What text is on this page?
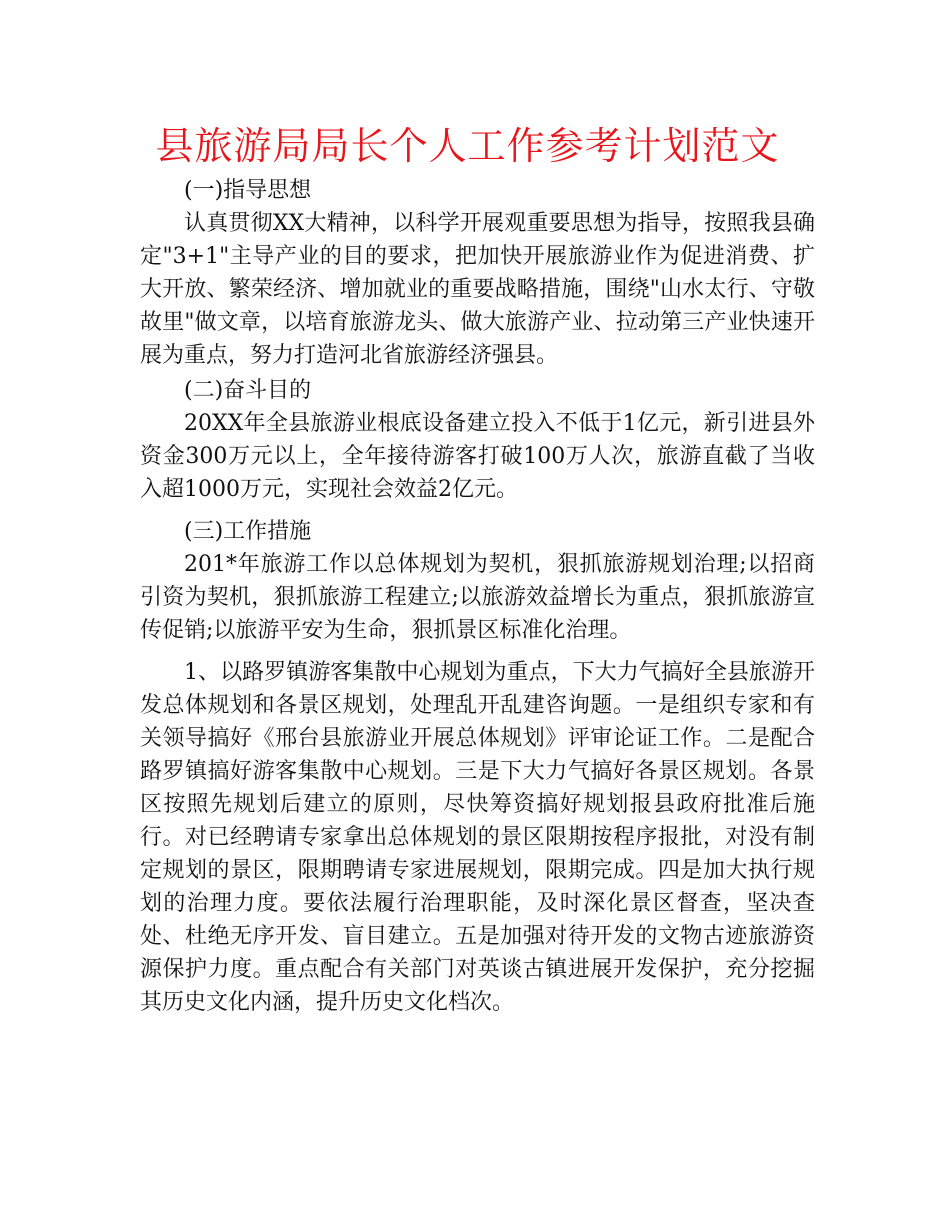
县旅游局局长个人工作参考计划范文

(一)指导思想

认真贯彻XX大精神，以科学开展观重要思想为指导，按照我县确定"3+1"主导产业的目的要求，把加快开展旅游业作为促进消费、扩大开放、繁荣经济、增加就业的重要战略措施，围绕"山水太行、守敬故里"做文章，以培育旅游龙头、做大旅游产业、拉动第三产业快速开展为重点，努力打造河北省旅游经济强县。

(二)奋斗目的

20XX年全县旅游业根底设备建立投入不低于1亿元，新引进县外资金300万元以上，全年接待游客打破100万人次，旅游直截了当收入超1000万元，实现社会效益2亿元。

(三)工作措施

201*年旅游工作以总体规划为契机，狠抓旅游规划治理;以招商引资为契机，狠抓旅游工程建立;以旅游效益增长为重点，狠抓旅游宣传促销;以旅游平安为生命，狠抓景区标准化治理。

1、以路罗镇游客集散中心规划为重点，下大力气搞好全县旅游开发总体规划和各景区规划，处理乱开乱建咨询题。一是组织专家和有关领导搞好《邢台县旅游业开展总体规划》评审论证工作。二是配合路罗镇搞好游客集散中心规划。三是下大力气搞好各景区规划。各景区按照先规划后建立的原则，尽快筹资搞好规划报县政府批准后施行。对已经聘请专家拿出总体规划的景区限期按程序报批，对没有制定规划的景区，限期聘请专家进展规划，限期完成。四是加大执行规划的治理力度。要依法履行治理职能，及时深化景区督查，坚决查处、杜绝无序开发、盲目建立。五是加强对待开发的文物古迹旅游资源保护力度。重点配合有关部门对英谈古镇进展开发保护，充分挖掘其历史文化内涵，提升历史文化档次。
